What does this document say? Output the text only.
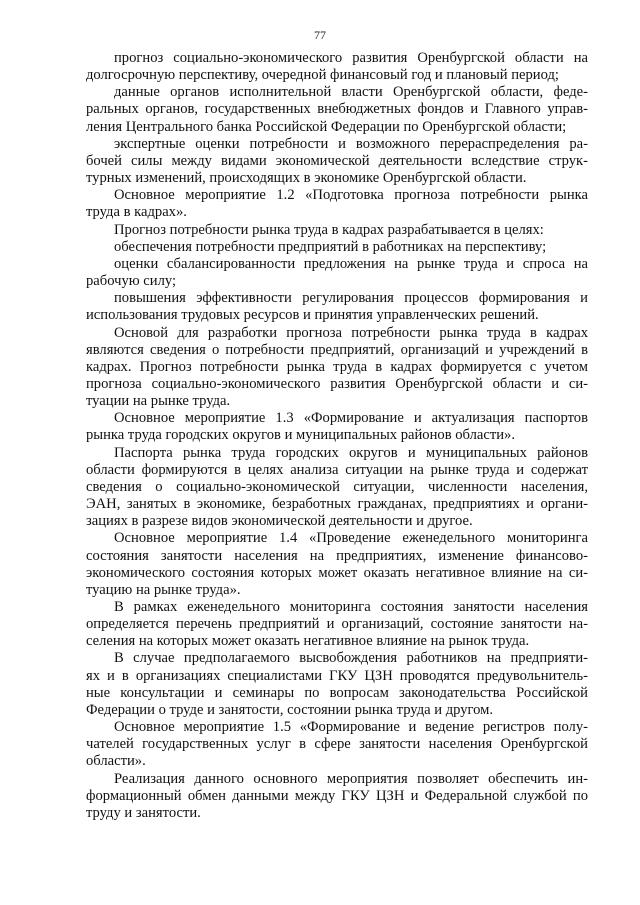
77
прогноз социально-экономического развития Оренбургской области на
долгосрочную перспективу, очередной финансовый год и плановый период;
данные органов исполнительной власти Оренбургской области, феде-
ральных органов, государственных внебюджетных фондов и Главного управ-
ления Центрального банка Российской Федерации по Оренбургской области;
экспертные оценки потребности и возможного перераспределения ра-
бочей силы между видами экономической деятельности вследствие струк-
турных изменений, происходящих в экономике Оренбургской области.
Основное мероприятие 1.2 «Подготовка прогноза потребности рынка
труда в кадрах».
Прогноз потребности рынка труда в кадрах разрабатывается в целях:
обеспечения потребности предприятий в работниках на перспективу;
оценки сбалансированности предложения на рынке труда и спроса на
рабочую силу;
повышения эффективности регулирования процессов формирования и
использования трудовых ресурсов и принятия управленческих решений.
Основой для разработки прогноза потребности рынка труда в кадрах
являются сведения о потребности предприятий, организаций и учреждений в
кадрах. Прогноз потребности рынка труда в кадрах формируется с учетом
прогноза социально-экономического развития Оренбургской области и си-
туации на рынке труда.
Основное мероприятие 1.3 «Формирование и актуализация паспортов
рынка труда городских округов и муниципальных районов области».
Паспорта рынка труда городских округов и муниципальных районов
области формируются в целях анализа ситуации на рынке труда и содержат
сведения о социально-экономической ситуации, численности населения,
ЭАН, занятых в экономике, безработных гражданах, предприятиях и органи-
зациях в разрезе видов экономической деятельности и другое.
Основное мероприятие 1.4 «Проведение еженедельного мониторинга
состояния занятости населения на предприятиях, изменение финансово-
экономического состояния которых может оказать негативное влияние на си-
туацию на рынке труда».
В рамках еженедельного мониторинга состояния занятости населения
определяется перечень предприятий и организаций, состояние занятости на-
селения на которых может оказать негативное влияние на рынок труда.
В случае предполагаемого высвобождения работников на предприяти-
ях и в организациях специалистами ГКУ ЦЗН проводятся предувольнитель-
ные консультации и семинары по вопросам законодательства Российской
Федерации о труде и занятости, состоянии рынка труда и другом.
Основное мероприятие 1.5 «Формирование и ведение регистров полу-
чателей государственных услуг в сфере занятости населения Оренбургской
области».
Реализация данного основного мероприятия позволяет обеспечить ин-
формационный обмен данными между ГКУ ЦЗН и Федеральной службой по
труду и занятости.
